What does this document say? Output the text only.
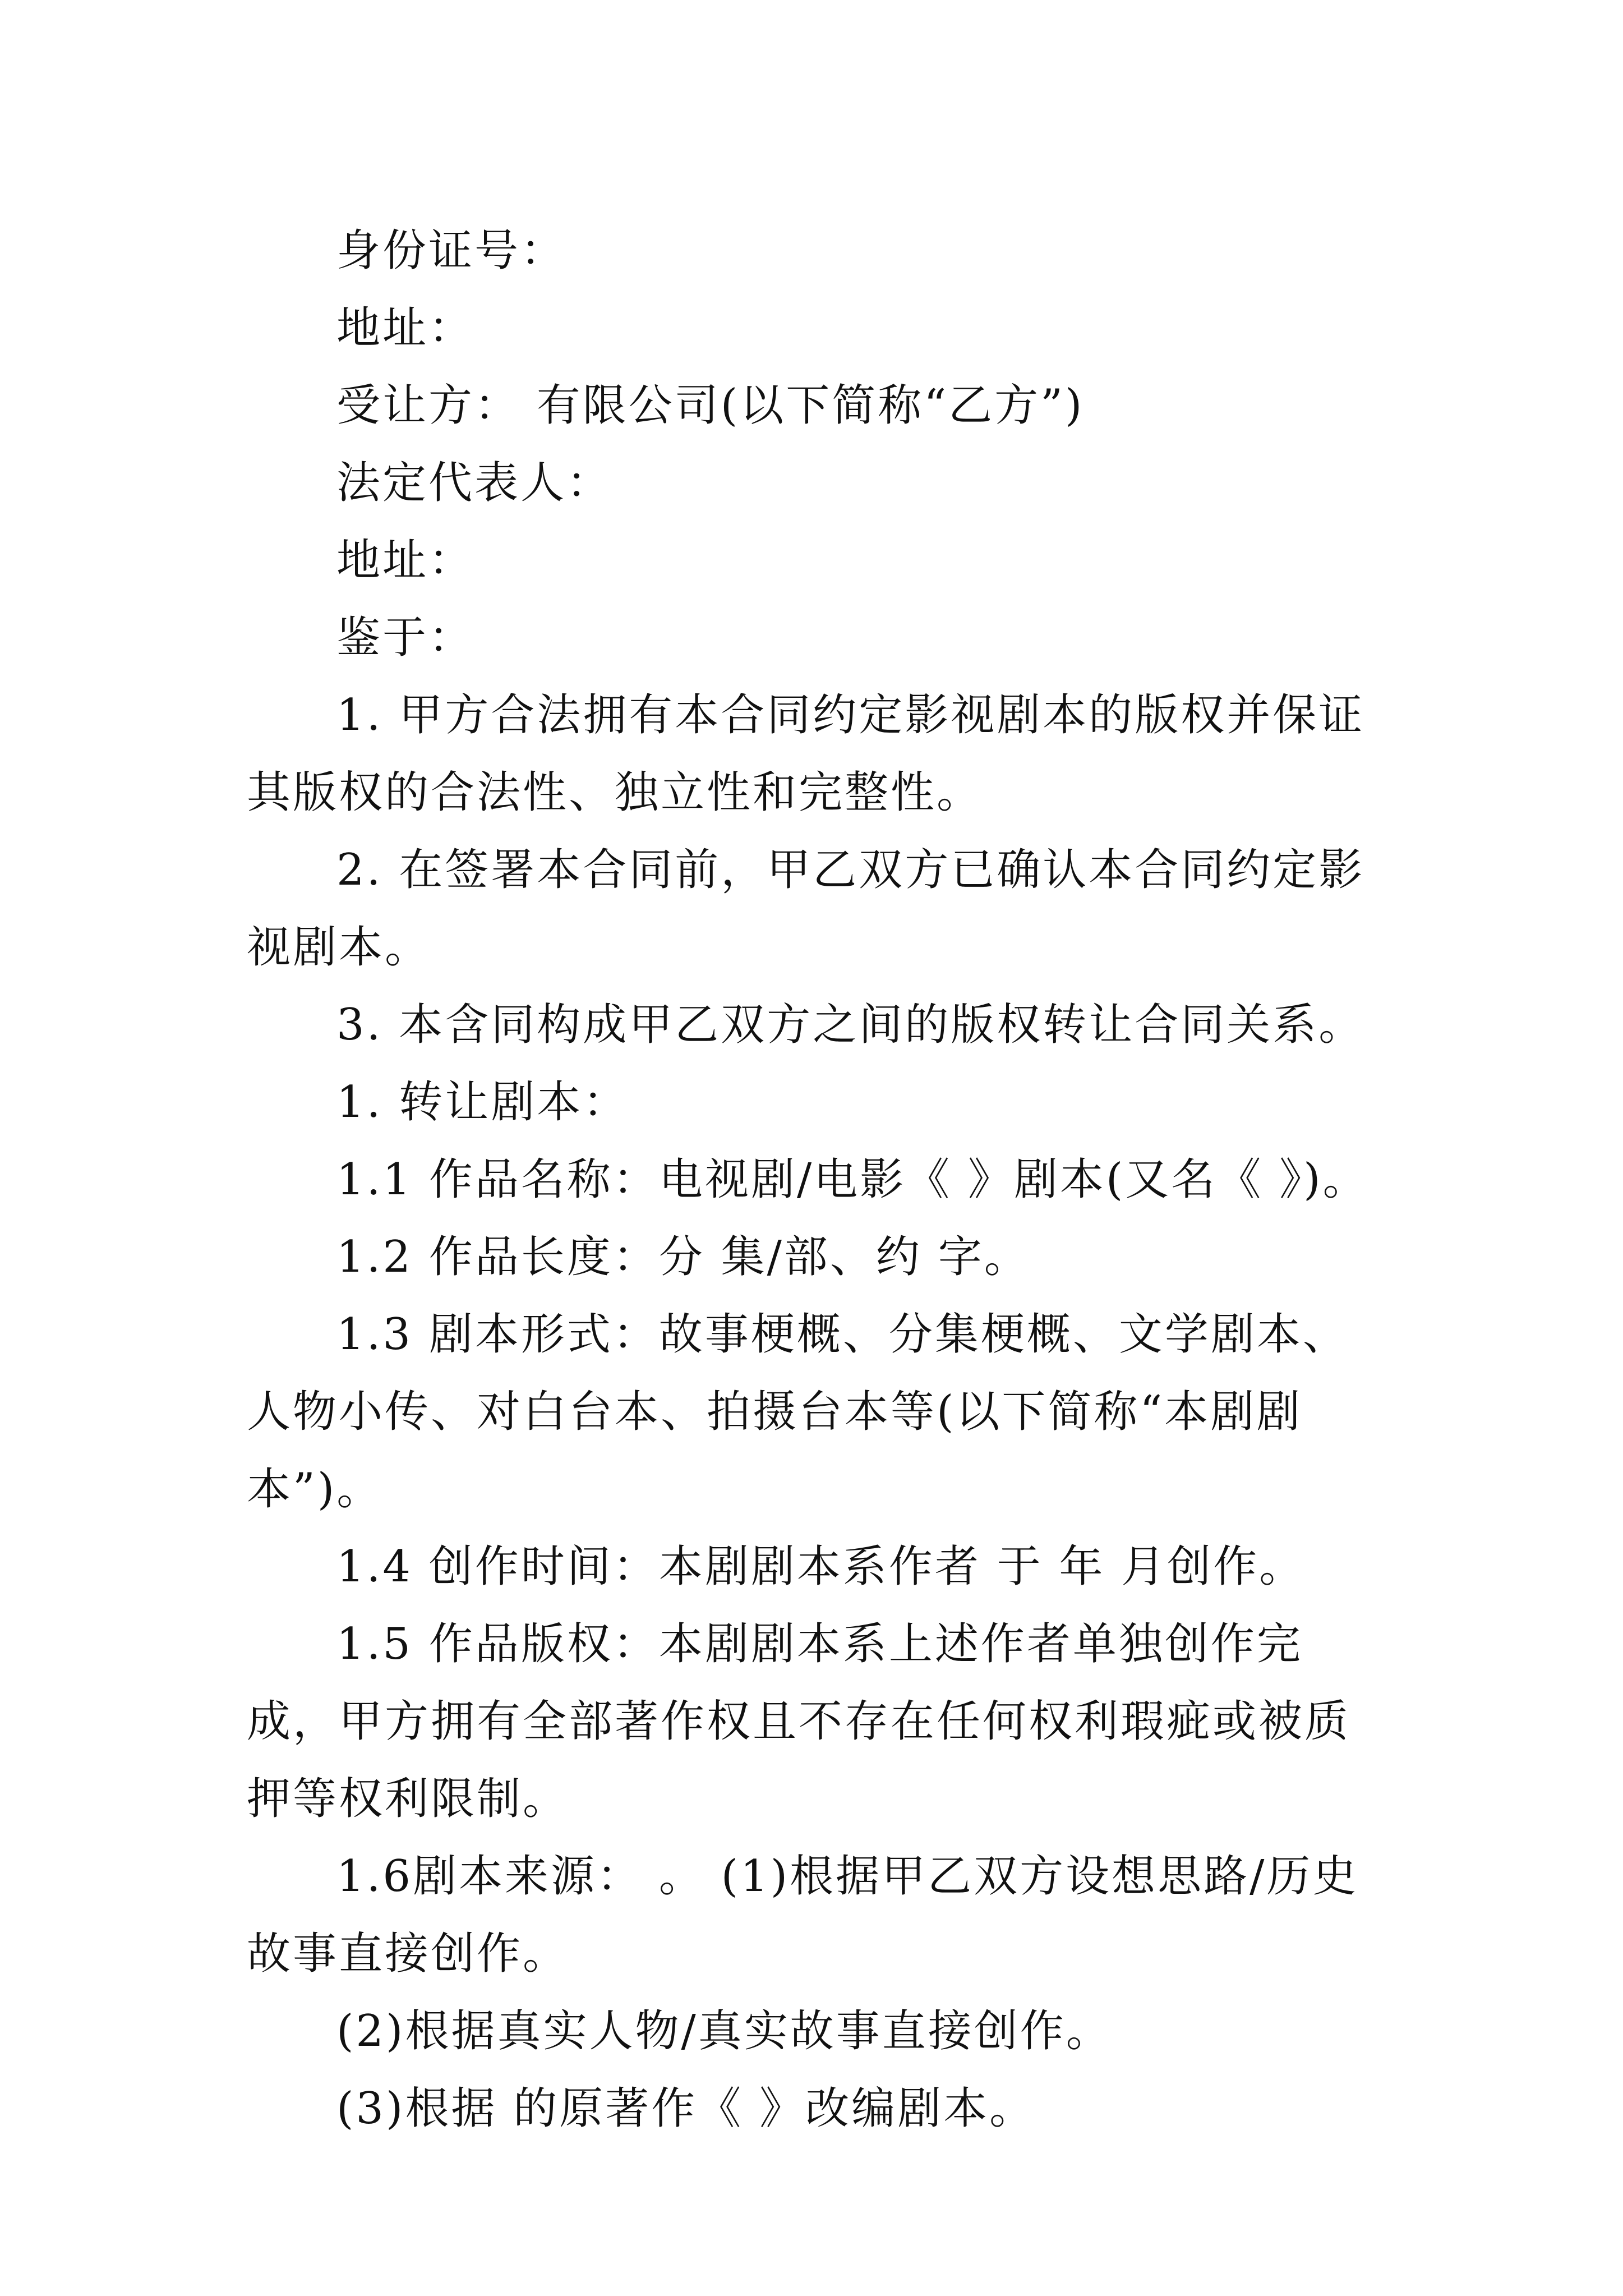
身份证号：

地址：

受让方： 有限公司(以下简称“乙方”)

法定代表人：

地址：

鉴于：

1. 甲方合法拥有本合同约定影视剧本的版权并保证其版权的合法性、独立性和完整性。

2. 在签署本合同前，甲乙双方已确认本合同约定影视剧本。

3. 本含同构成甲乙双方之间的版权转让合同关系。

1. 转让剧本：

1.1 作品名称：电视剧/电影《 》剧本(又名《 》)。

1.2 作品长度：分 集/部、约 字。

1.3 剧本形式：故事梗概、分集梗概、文学剧本、人物小传、对白台本、拍摄台本等(以下简称“本剧剧本”)。

1.4 创作时间：本剧剧本系作者 于 年 月创作。

1.5 作品版权：本剧剧本系上述作者单独创作完成，甲方拥有全部著作权且不存在任何权利瑕疵或被质押等权利限制。

1.6剧本来源： 。 (1)根据甲乙双方设想思路/历史故事直接创作。

(2)根据真实人物/真实故事直接创作。

(3)根据 的原著作《 》改编剧本。
